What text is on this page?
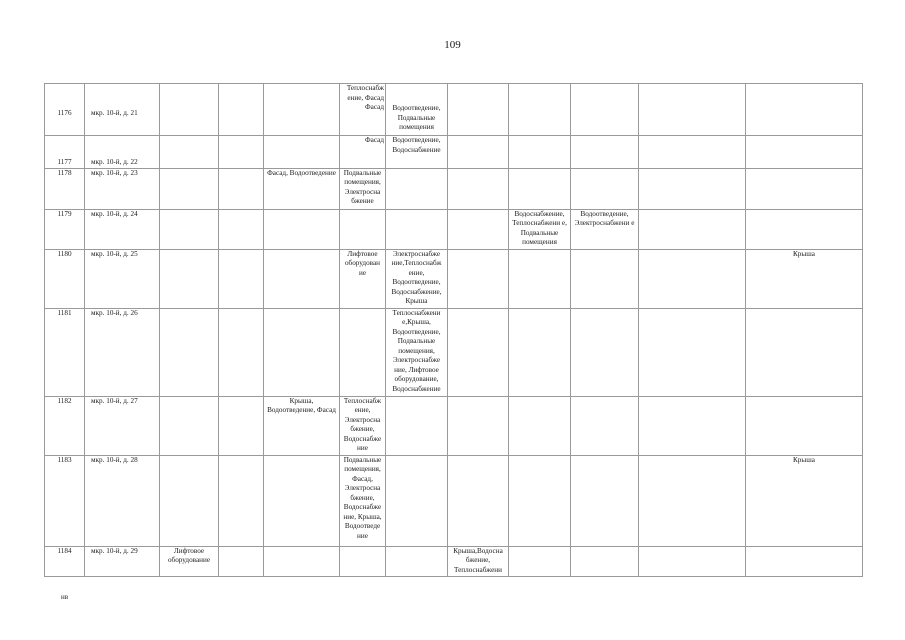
109
1176	мкр. 10-й, д. 21				Теплоснабж ение, Фасад Фасад	Водоотведение, Подвальные помещения					
1177	мкр. 10-й, д. 22				Фасад	Водоотведение, Водоснабжение					
1178	мкр. 10-й, д. 23			Фасад, Водоотведение	Подвальные помещения, Электросна бжение						
1179	мкр. 10-й, д. 24							Водоснабжение, Теплоснабжени е, Подвальные помещения	Водоотведение, Электроснабжени е		
1180	мкр. 10-й, д. 25				Лифтовое оборудован ие	Электроснабже ние,Теплоснабж ение, Водоотведение, Водоснабжение, Крыша					Крыша
1181	мкр. 10-й, д. 26					Теплоснабжени е,Крыша, Водоотведение, Подвальные помещения, Электроснабже ние, Лифтовое оборудование, Водоснабжение					
1182	мкр. 10-й, д. 27			Крыша, Водоотведение, Фасад	Теплоснабж ение, Электросна бжение, Водоснабже ние						
1183	мкр. 10-й, д. 28				Подвальные помещения, Фасад, Электросна бжение, Водоснабже ние, Крыша, Водоотведе ние						Крыша
1184	мкр. 10-й, д. 29	Лифтовое оборудование					Крыша,Водосна бжение, Теплоснабжени				
нв
